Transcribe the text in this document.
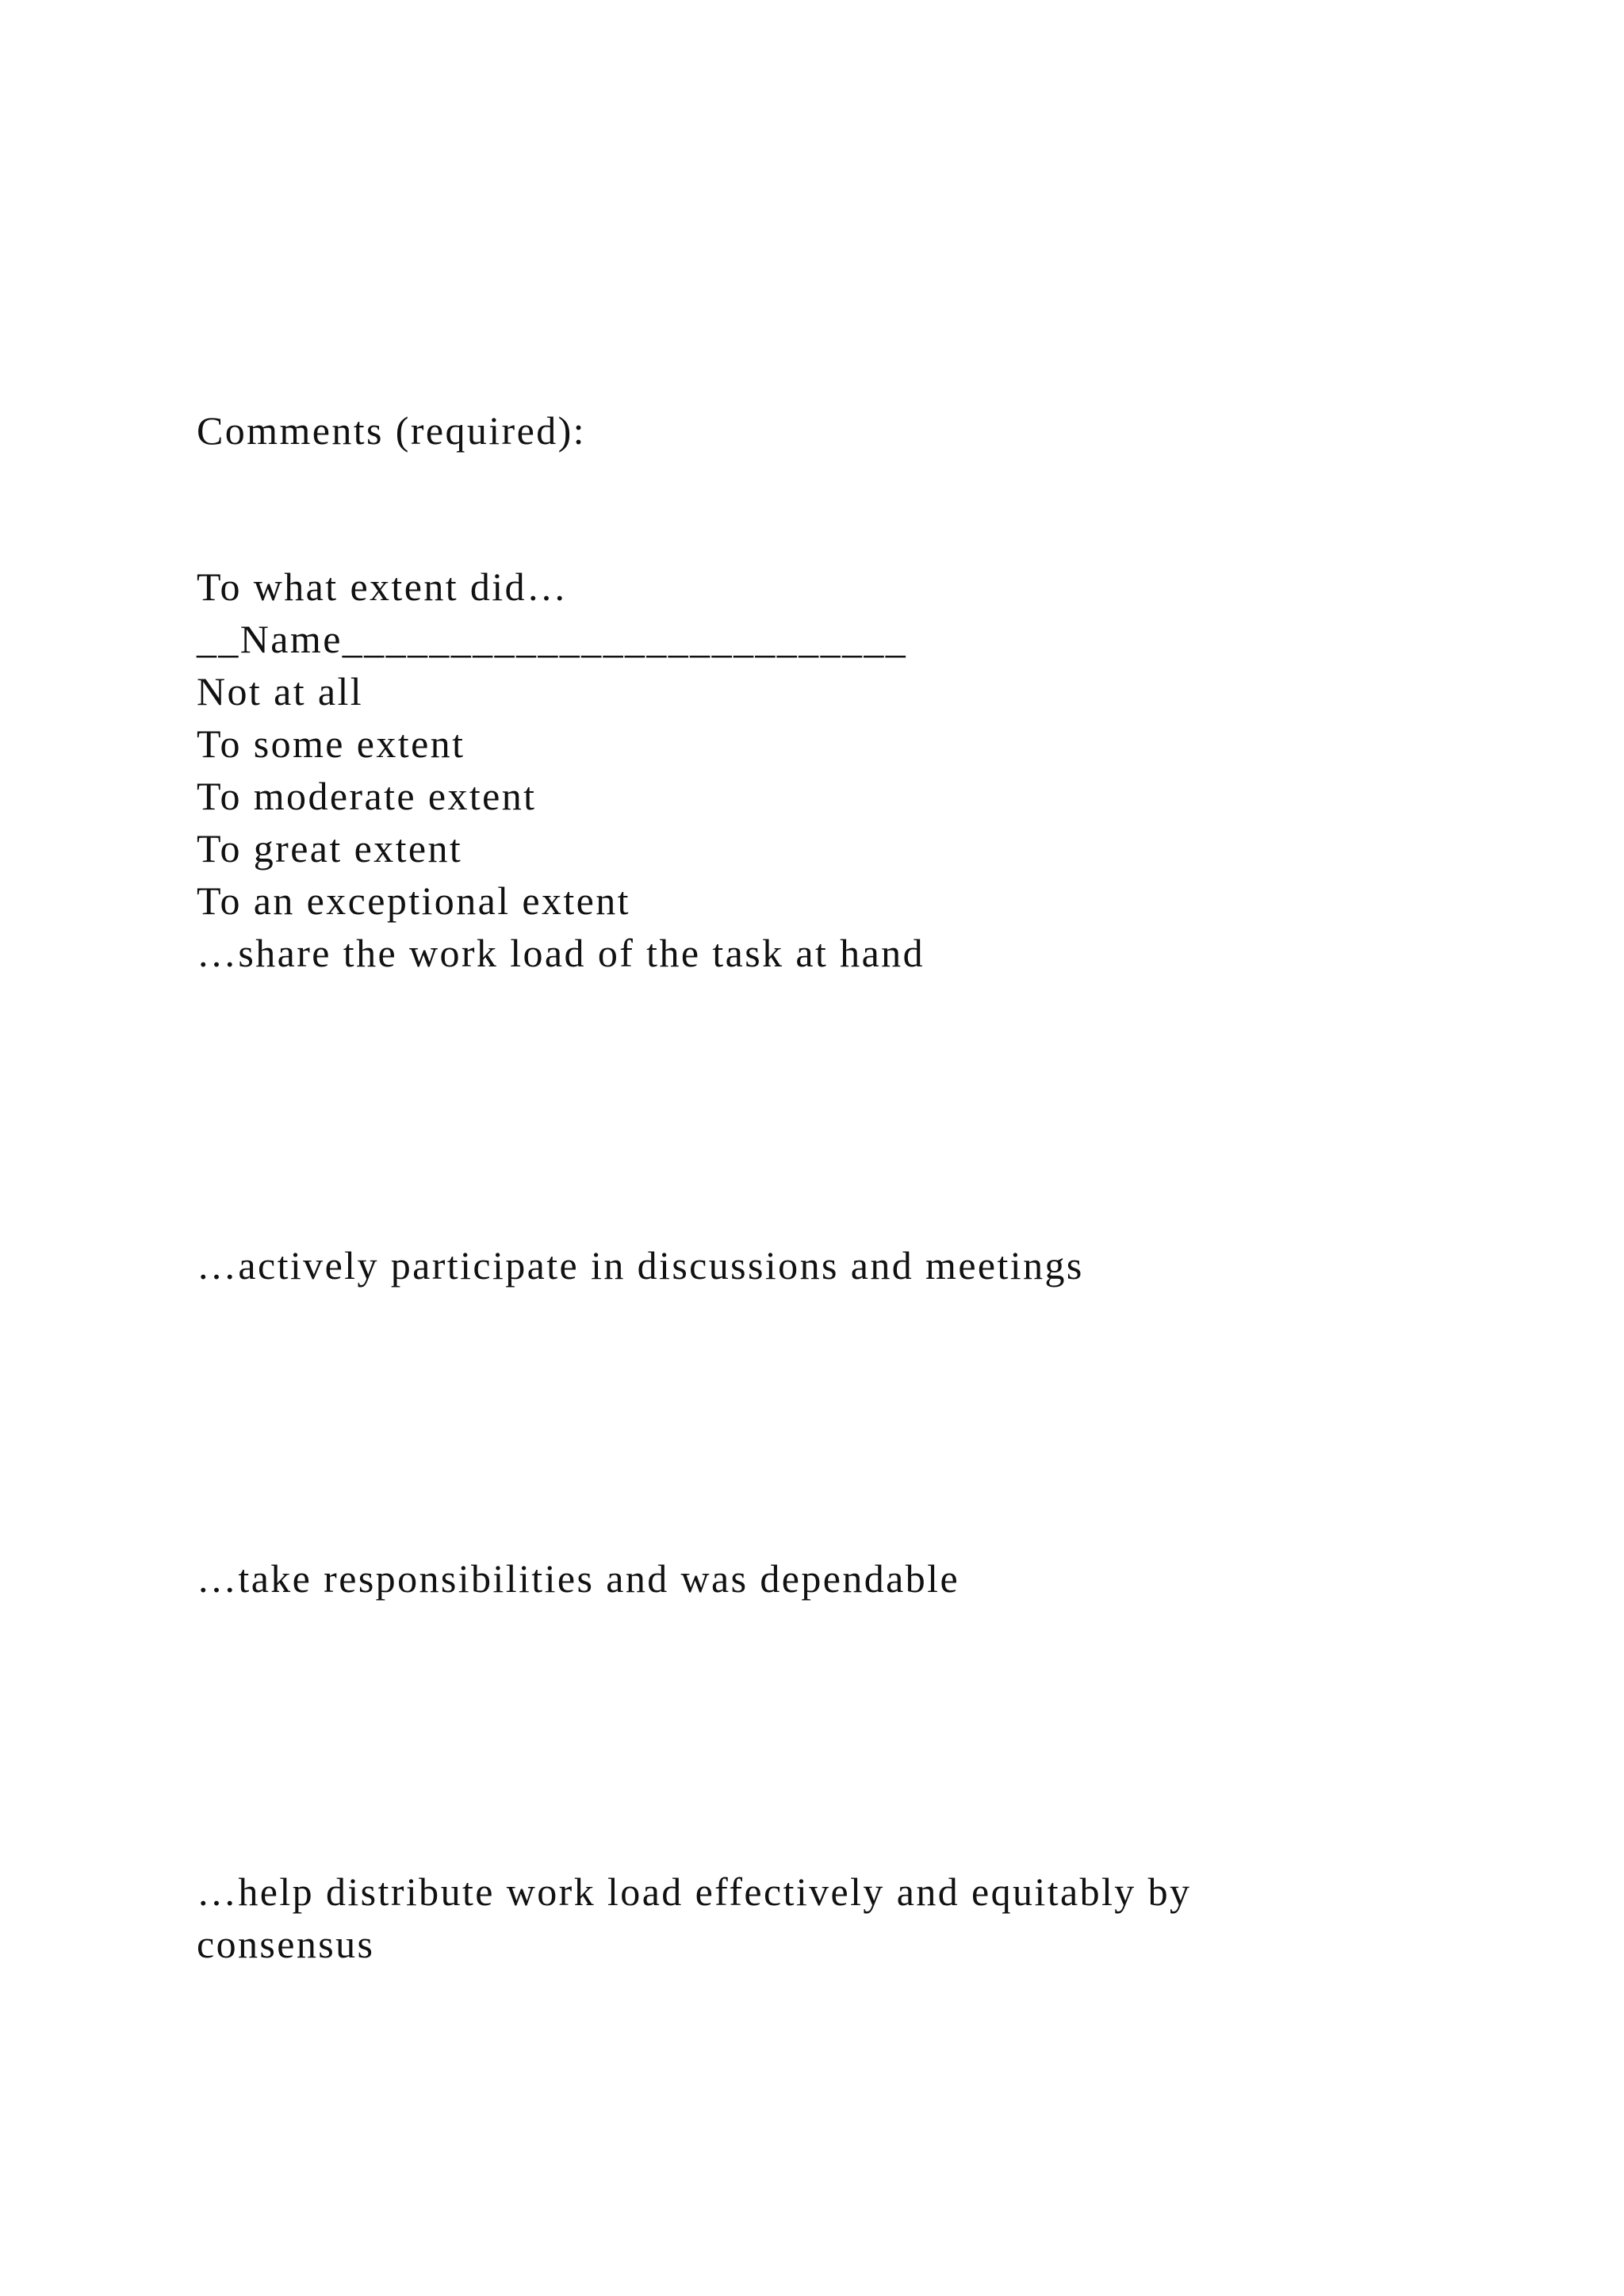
Comments (required):
To what extent did…
__Name__________________________
Not at all
To some extent
To moderate extent
To great extent
To an exceptional extent
…share the work load of the task at hand
…actively participate in discussions and meetings
…take responsibilities and was dependable
…help distribute work load effectively and equitably by
consensus
